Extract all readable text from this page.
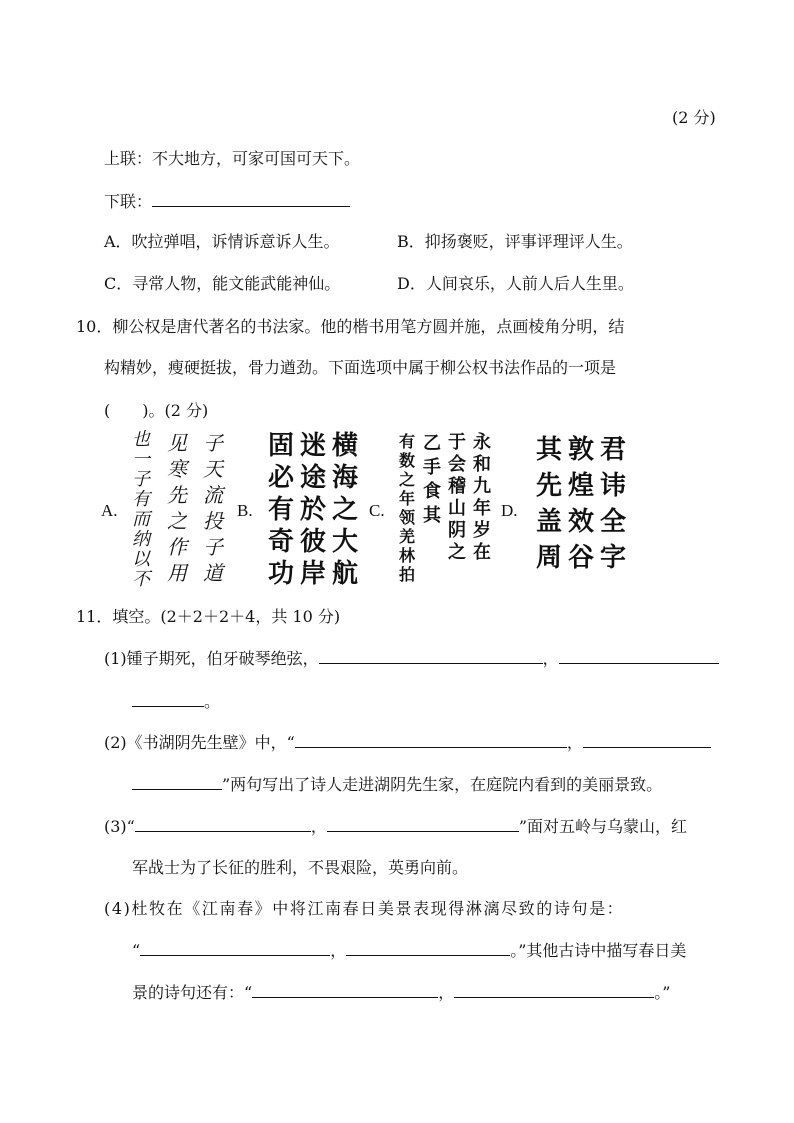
(2 分)
上联：不大地方，可家可国可天下。
下联：
A．吹拉弹唱，诉情诉意诉人生。	B．抑扬褒贬，评事评理评人生。
C．寻常人物，能文能武能神仙。	D．人间哀乐，人前人后人生里。
10．柳公权是唐代著名的书法家。他的楷书用笔方圆并施，点画棱角分明，结
构精妙，瘦硬挺拔，骨力遒劲。下面选项中属于柳公权书法作品的一项是
(　　)。(2 分)
A.	B.	C.	D.
也一子有而纳以不
见寒先之作用
子天流投子道
固必有奇功
迷途於彼岸
横海之大航
有数之年领羌林拍
乙手食其
于会稽山阴之
永和九年岁在
其先盖周
敦煌效谷
君讳全字
11．填空。(2＋2＋2＋4，共 10 分)
(1)锺子期死，伯牙破琴绝弦，	，
。
(2)《书湖阴先生壁》中，“	，
”两句写出了诗人走进湖阴先生家，在庭院内看到的美丽景致。
(3)“	，	”面对五岭与乌蒙山，红
军战士为了长征的胜利，不畏艰险，英勇向前。
(4)杜牧在《江南春》中将江南春日美景表现得淋漓尽致的诗句是：
“	，	。”其他古诗中描写春日美
景的诗句还有：“	，	。”
